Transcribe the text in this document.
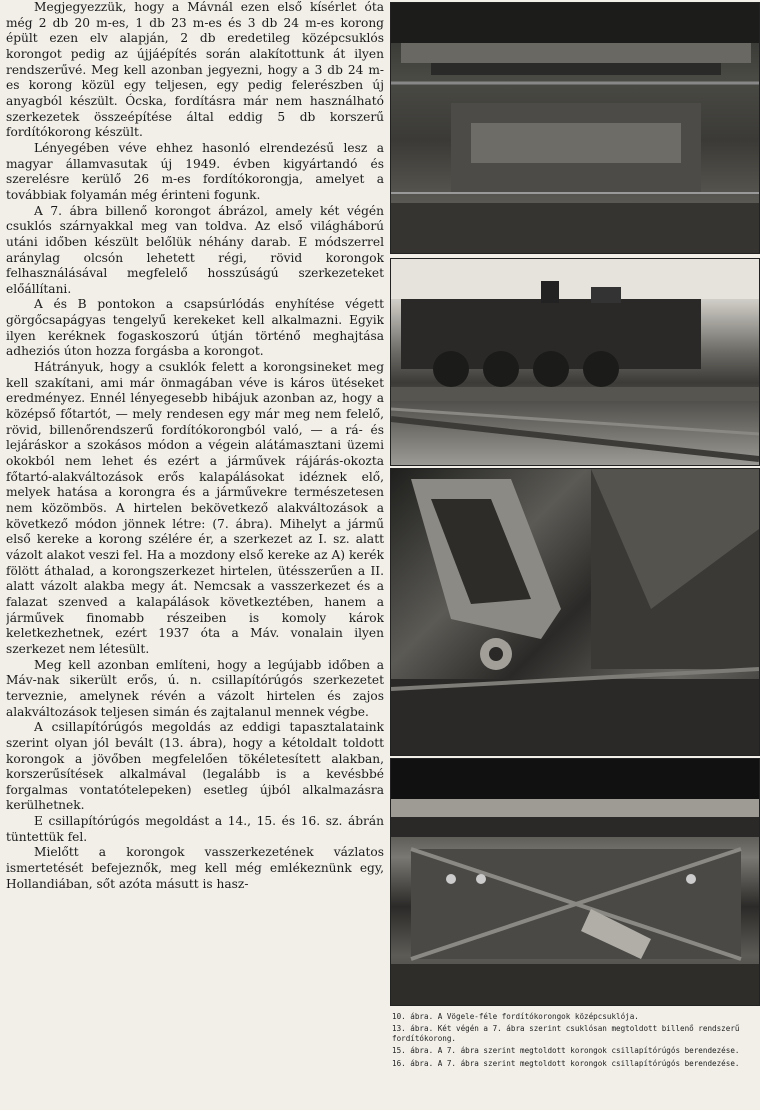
Megjegyezzük, hogy a Mávnál ezen első kísérlet óta még 2 db 20 m-es, 1 db 23 m-es és 3 db 24 m-es korong épült ezen elv alapján, 2 db eredetileg középcsuklós korongot pedig az újjáépítés során alakítottunk át ilyen rendszerűvé. Meg kell azonban jegyezni, hogy a 3 db 24 m-es korong közül egy teljesen, egy pedig felerészben új anyagból készült. Ócska, fordításra már nem használható szerkezetek összeépítése által eddig 5 db korszerű fordítókorong készült.

Lényegében véve ehhez hasonló elrendezésű lesz a magyar államvasutak új 1949. évben kigyártandó és szerelésre kerülő 26 m-es fordítókorongja, amelyet a továbbiak folyamán még érinteni fogunk.

A 7. ábra billenő korongot ábrázol, amely két végén csuklós szárnyakkal meg van toldva. Az első világháború utáni időben készült belőlük néhány darab. E módszerrel aránylag olcsón lehetett régi, rövid korongok felhasználásával megfelelő hosszúságú szerkezeteket előállítani.

A és B pontokon a csapsúrlódás enyhítése végett görgőcsapágyas tengelyű kerekeket kell alkalmazni. Egyik ilyen keréknek fogaskoszorú útján történő meghajtása adheziós úton hozza forgásba a korongot.

Hátrányuk, hogy a csuklók felett a korongsineket meg kell szakítani, ami már önmagában véve is káros ütéseket eredményez. Ennél lényegesebb hibájuk azonban az, hogy a középső főtartót, — mely rendesen egy már meg nem felelő, rövid, billenőrendszerű fordítókorongból való, — a rá- és lejáráskor a szokásos módon a végein alátámasztani üzemi okokból nem lehet és ezért a járművek rájárás-okozta főtartó-alakváltozások erős kalapálásokat idéznek elő, melyek hatása a korongra és a járművekre természetesen nem közömbös. A hirtelen bekövetkező alakváltozások a következő módon jönnek létre: (7. ábra). Mihelyt a jármű első kereke a korong szélére ér, a szerkezet az I. sz. alatt vázolt alakot veszi fel. Ha a mozdony első kereke az A) kerék fölött áthalad, a korongszerkezet hirtelen, ütésszerűen a II. alatt vázolt alakba megy át. Nemcsak a vasszerkezet és a falazat szenved a kalapálások következtében, hanem a járművek finomabb részeiben is komoly károk keletkezhetnek, ezért 1937 óta a Máv. vonalain ilyen szerkezet nem létesült.

Meg kell azonban említeni, hogy a legújabb időben a Máv-nak sikerült erős, ú. n. csillapítórúgós szerkezetet terveznie, amelynek révén a vázolt hirtelen és zajos alakváltozások teljesen simán és zajtalanul mennek végbe.

A csillapítórúgós megoldás az eddigi tapasztalataink szerint olyan jól bevált (13. ábra), hogy a kétoldalt toldott korongok a jövőben megfelelően tökéletesített alakban, korszerűsítések alkalmával (legalább is a kevésbbé forgalmas vontatótelepeken) esetleg újból alkalmazásra kerülhetnek.

E csillapítórúgós megoldást a 14., 15. és 16. sz. ábrán tüntettük fel.

Mielőtt a korongok vasszerkezetének vázlatos ismertetését befejeznők, meg kell még emlékeznünk egy, Hollandiában, sőt azóta másutt is hasz-

10. ábra. A Vögele-féle fordítókorongok középcsuklója.
13. ábra. Két végén a 7. ábra szerint csuklósan megtoldott billenő rendszerű fordítókorong.
15. ábra. A 7. ábra szerint megtoldott korongok csillapítórúgós berendezése.
16. ábra. A 7. ábra szerint megtoldott korongok csillapítórúgós berendezése.
